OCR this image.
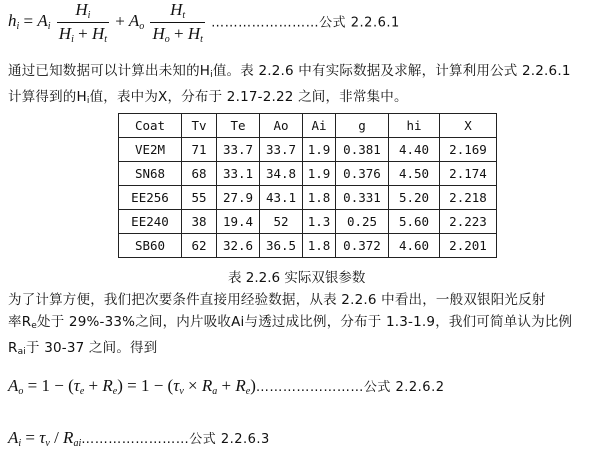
$h_i = A_i \frac{H_i}{H_i + H_t} + A_o \frac{H_t}{H_o + H_t}$ ……………………公式 2.2.6.1
通过已知数据可以计算出未知的Hi值。表 2.2.6 中有实际数据及求解，计算利用公式 2.2.6.1
计算得到的Hi值，表中为X，分布于 2.17-2.22 之间，非常集中。
Coat	Tv	Te	Ao	Ai	g	hi	X
VE2M	71	33.7	33.7	1.9	0.381	4.40	2.169
SN68	68	33.1	34.8	1.9	0.376	4.50	2.174
EE256	55	27.9	43.1	1.8	0.331	5.20	2.218
EE240	38	19.4	52	1.3	0.25	5.60	2.223
SB60	62	32.6	36.5	1.8	0.372	4.60	2.201
表 2.2.6 实际双银参数
为了计算方便，我们把次要条件直接用经验数据，从表 2.2.6 中看出，一般双银阳光反射
率Re处于 29%-33%之间，内片吸收Ai与透过成比例，分布于 1.3-1.9，我们可简单认为比例
Rai于 30-37 之间。得到
$A_o = 1 - (\tau_e + R_e) = 1 - (\tau_v \times R_a$ + $R_e)\dots\dots\dots\dots\dots\dots\dots\dots$公式 2.2.6.2
$A_i = \tau_v$ / $R_{ai}\dots\dots\dots\dots\dots\dots\dots\dots$公式 2.2.6.3
